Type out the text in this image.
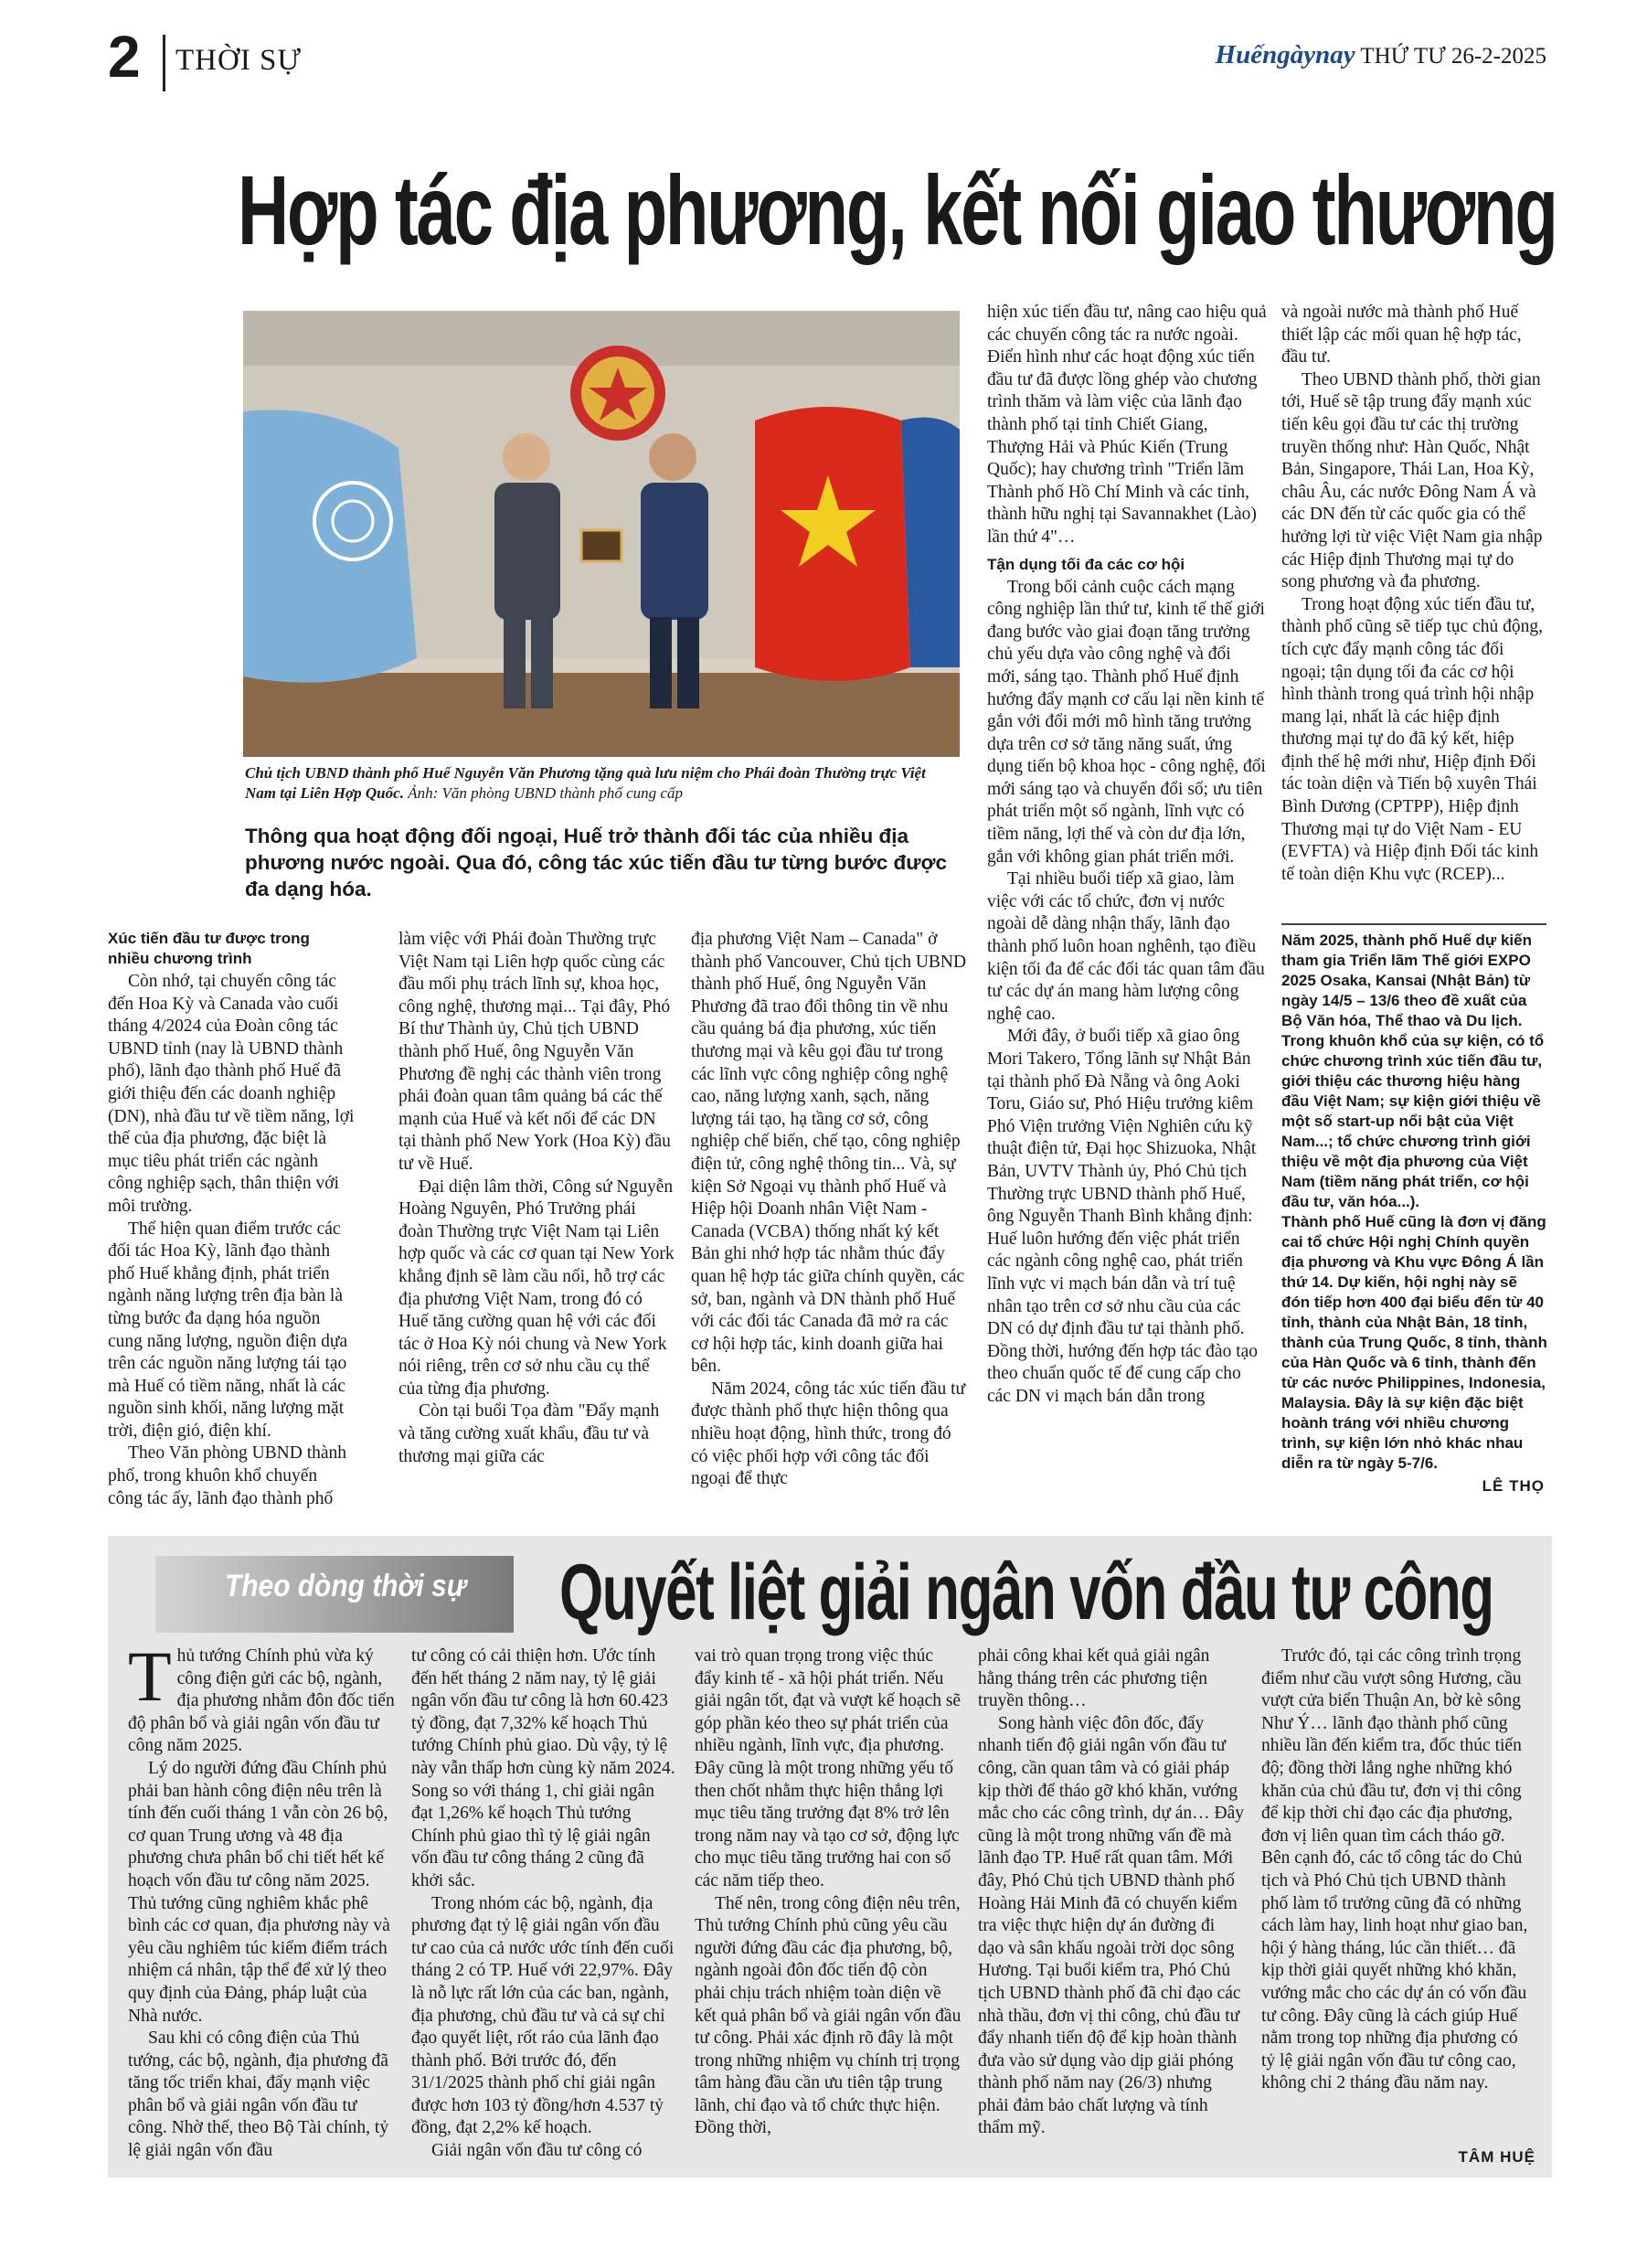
2 THỜI SỰ	Huếngàynay THỨ TƯ 26-2-2025
Hợp tác địa phương, kết nối giao thương
Chủ tịch UBND thành phố Huế Nguyễn Văn Phương tặng quà lưu niệm cho Phái đoàn Thường trực Việt Nam tại Liên Hợp Quốc. Ảnh: Văn phòng UBND thành phố cung cấp
Thông qua hoạt động đối ngoại, Huế trở thành đối tác của nhiều địa phương nước ngoài. Qua đó, công tác xúc tiến đầu tư từng bước được đa dạng hóa.
Xúc tiến đầu tư được trong nhiều chương trình

Còn nhớ, tại chuyến công tác đến Hoa Kỳ và Canada vào cuối tháng 4/2024 của Đoàn công tác UBND tỉnh (nay là UBND thành phố), lãnh đạo thành phố Huế đã giới thiệu đến các doanh nghiệp (DN), nhà đầu tư về tiềm năng, lợi thế của địa phương, đặc biệt là mục tiêu phát triển các ngành công nghiệp sạch, thân thiện với môi trường.

Thể hiện quan điểm trước các đối tác Hoa Kỳ, lãnh đạo thành phố Huế khẳng định, phát triển ngành năng lượng trên địa bàn là từng bước đa dạng hóa nguồn cung năng lượng, nguồn điện dựa trên các nguồn năng lượng tái tạo mà Huế có tiềm năng, nhất là các nguồn sinh khối, năng lượng mặt trời, điện gió, điện khí.

Theo Văn phòng UBND thành phố, trong khuôn khổ chuyến công tác ấy, lãnh đạo thành phố

làm việc với Phái đoàn Thường trực Việt Nam tại Liên hợp quốc cùng các đầu mối phụ trách lĩnh sự, khoa học, công nghệ, thương mại... Tại đây, Phó Bí thư Thành ủy, Chủ tịch UBND thành phố Huế, ông Nguyễn Văn Phương đề nghị các thành viên trong phái đoàn quan tâm quảng bá các thế mạnh của Huế và kết nối để các DN tại thành phố New York (Hoa Kỳ) đầu tư về Huế.

Đại diện lâm thời, Công sứ Nguyễn Hoàng Nguyên, Phó Trưởng phái đoàn Thường trực Việt Nam tại Liên hợp quốc và các cơ quan tại New York khẳng định sẽ làm cầu nối, hỗ trợ các địa phương Việt Nam, trong đó có Huế tăng cường quan hệ với các đối tác ở Hoa Kỳ nói chung và New York nói riêng, trên cơ sở nhu cầu cụ thể của từng địa phương.

Còn tại buổi Tọa đàm "Đẩy mạnh và tăng cường xuất khẩu, đầu tư và thương mại giữa các

địa phương Việt Nam – Canada" ở thành phố Vancouver, Chủ tịch UBND thành phố Huế, ông Nguyễn Văn Phương đã trao đổi thông tin về nhu cầu quảng bá địa phương, xúc tiến thương mại và kêu gọi đầu tư trong các lĩnh vực công nghiệp công nghệ cao, năng lượng xanh, sạch, năng lượng tái tạo, hạ tầng cơ sở, công nghiệp chế biến, chế tạo, công nghiệp điện tử, công nghệ thông tin... Và, sự kiện Sở Ngoại vụ thành phố Huế và Hiệp hội Doanh nhân Việt Nam - Canada (VCBA) thống nhất ký kết Bản ghi nhớ hợp tác nhằm thúc đẩy quan hệ hợp tác giữa chính quyền, các sở, ban, ngành và DN thành phố Huế với các đối tác Canada đã mở ra các cơ hội hợp tác, kinh doanh giữa hai bên.

Năm 2024, công tác xúc tiến đầu tư được thành phố thực hiện thông qua nhiều hoạt động, hình thức, trong đó có việc phối hợp với công tác đối ngoại để thực

hiện xúc tiến đầu tư, nâng cao hiệu quả các chuyến công tác ra nước ngoài. Điển hình như các hoạt động xúc tiến đầu tư đã được lồng ghép vào chương trình thăm và làm việc của lãnh đạo thành phố tại tỉnh Chiết Giang, Thượng Hải và Phúc Kiến (Trung Quốc); hay chương trình "Triển lãm Thành phố Hồ Chí Minh và các tỉnh, thành hữu nghị tại Savannakhet (Lào) lần thứ 4"…

Tận dụng tối đa các cơ hội

Trong bối cảnh cuộc cách mạng công nghiệp lần thứ tư, kinh tế thế giới đang bước vào giai đoạn tăng trưởng chủ yếu dựa vào công nghệ và đổi mới, sáng tạo. Thành phố Huế định hướng đẩy mạnh cơ cấu lại nền kinh tế gắn với đổi mới mô hình tăng trưởng dựa trên cơ sở tăng năng suất, ứng dụng tiến bộ khoa học - công nghệ, đổi mới sáng tạo và chuyển đổi số; ưu tiên phát triển một số ngành, lĩnh vực có tiềm năng, lợi thế và còn dư địa lớn, gắn với không gian phát triển mới.

Tại nhiều buổi tiếp xã giao, làm việc với các tổ chức, đơn vị nước ngoài dễ dàng nhận thấy, lãnh đạo thành phố luôn hoan nghênh, tạo điều kiện tối đa để các đối tác quan tâm đầu tư các dự án mang hàm lượng công nghệ cao.

Mới đây, ở buổi tiếp xã giao ông Mori Takero, Tổng lãnh sự Nhật Bản tại thành phố Đà Nẵng và ông Aoki Toru, Giáo sư, Phó Hiệu trưởng kiêm Phó Viện trưởng Viện Nghiên cứu kỹ thuật điện tử, Đại học Shizuoka, Nhật Bản, UVTV Thành ủy, Phó Chủ tịch Thường trực UBND thành phố Huế, ông Nguyễn Thanh Bình khẳng định: Huế luôn hướng đến việc phát triển các ngành công nghệ cao, phát triển lĩnh vực vi mạch bán dẫn và trí tuệ nhân tạo trên cơ sở nhu cầu của các DN có dự định đầu tư tại thành phố. Đồng thời, hướng đến hợp tác đào tạo theo chuẩn quốc tế để cung cấp cho các DN vi mạch bán dẫn trong

và ngoài nước mà thành phố Huế thiết lập các mối quan hệ hợp tác, đầu tư.

Theo UBND thành phố, thời gian tới, Huế sẽ tập trung đẩy mạnh xúc tiến kêu gọi đầu tư các thị trường truyền thống như: Hàn Quốc, Nhật Bản, Singapore, Thái Lan, Hoa Kỳ, châu Âu, các nước Đông Nam Á và các DN đến từ các quốc gia có thể hưởng lợi từ việc Việt Nam gia nhập các Hiệp định Thương mại tự do song phương và đa phương.

Trong hoạt động xúc tiến đầu tư, thành phố cũng sẽ tiếp tục chủ động, tích cực đẩy mạnh công tác đối ngoại; tận dụng tối đa các cơ hội hình thành trong quá trình hội nhập mang lại, nhất là các hiệp định thương mại tự do đã ký kết, hiệp định thế hệ mới như, Hiệp định Đối tác toàn diện và Tiến bộ xuyên Thái Bình Dương (CPTPP), Hiệp định Thương mại tự do Việt Nam - EU (EVFTA) và Hiệp định Đối tác kinh tế toàn diện Khu vực (RCEP)...

Năm 2025, thành phố Huế dự kiến tham gia Triển lãm Thế giới EXPO 2025 Osaka, Kansai (Nhật Bản) từ ngày 14/5 – 13/6 theo đề xuất của Bộ Văn hóa, Thể thao và Du lịch. Trong khuôn khổ của sự kiện, có tổ chức chương trình xúc tiến đầu tư, giới thiệu các thương hiệu hàng đầu Việt Nam; sự kiện giới thiệu về một số start-up nổi bật của Việt Nam...; tổ chức chương trình giới thiệu về một địa phương của Việt Nam (tiềm năng phát triển, cơ hội đầu tư, văn hóa...).
Thành phố Huế cũng là đơn vị đăng cai tổ chức Hội nghị Chính quyền địa phương và Khu vực Đông Á lần thứ 14. Dự kiến, hội nghị này sẽ đón tiếp hơn 400 đại biểu đến từ 40 tỉnh, thành của Nhật Bản, 18 tỉnh, thành của Trung Quốc, 8 tỉnh, thành của Hàn Quốc và 6 tỉnh, thành đến từ các nước Philippines, Indonesia, Malaysia. Đây là sự kiện đặc biệt hoành tráng với nhiều chương trình, sự kiện lớn nhỏ khác nhau diễn ra từ ngày 5-7/6.
LÊ THỌ
Theo dòng thời sự Quyết liệt giải ngân vốn đầu tư công

Thủ tướng Chính phủ vừa ký công điện gửi các bộ, ngành, địa phương nhằm đôn đốc tiến độ phân bổ và giải ngân vốn đầu tư công năm 2025.

Lý do người đứng đầu Chính phủ phải ban hành công điện nêu trên là tính đến cuối tháng 1 vẫn còn 26 bộ, cơ quan Trung ương và 48 địa phương chưa phân bổ chi tiết hết kế hoạch vốn đầu tư công năm 2025. Thủ tướng cũng nghiêm khắc phê bình các cơ quan, địa phương này và yêu cầu nghiêm túc kiểm điểm trách nhiệm cá nhân, tập thể để xử lý theo quy định của Đảng, pháp luật của Nhà nước.

Sau khi có công điện của Thủ tướng, các bộ, ngành, địa phương đã tăng tốc triển khai, đẩy mạnh việc phân bổ và giải ngân vốn đầu tư công. Nhờ thế, theo Bộ Tài chính, tỷ lệ giải ngân vốn đầu

tư công có cải thiện hơn. Ước tính đến hết tháng 2 năm nay, tỷ lệ giải ngân vốn đầu tư công là hơn 60.423 tỷ đồng, đạt 7,32% kế hoạch Thủ tướng Chính phủ giao. Dù vậy, tỷ lệ này vẫn thấp hơn cùng kỳ năm 2024. Song so với tháng 1, chỉ giải ngân đạt 1,26% kế hoạch Thủ tướng Chính phủ giao thì tỷ lệ giải ngân vốn đầu tư công tháng 2 cũng đã khởi sắc.

Trong nhóm các bộ, ngành, địa phương đạt tỷ lệ giải ngân vốn đầu tư cao của cả nước ước tính đến cuối tháng 2 có TP. Huế với 22,97%. Đây là nỗ lực rất lớn của các ban, ngành, địa phương, chủ đầu tư và cả sự chỉ đạo quyết liệt, rốt ráo của lãnh đạo thành phố. Bởi trước đó, đến 31/1/2025 thành phố chỉ giải ngân được hơn 103 tỷ đồng/hơn 4.537 tỷ đồng, đạt 2,2% kế hoạch.

Giải ngân vốn đầu tư công có

vai trò quan trọng trong việc thúc đẩy kinh tế - xã hội phát triển. Nếu giải ngân tốt, đạt và vượt kế hoạch sẽ góp phần kéo theo sự phát triển của nhiều ngành, lĩnh vực, địa phương. Đây cũng là một trong những yếu tố then chốt nhằm thực hiện thắng lợi mục tiêu tăng trưởng đạt 8% trở lên trong năm nay và tạo cơ sở, động lực cho mục tiêu tăng trưởng hai con số các năm tiếp theo.

Thế nên, trong công điện nêu trên, Thủ tướng Chính phủ cũng yêu cầu người đứng đầu các địa phương, bộ, ngành ngoài đôn đốc tiến độ còn phải chịu trách nhiệm toàn diện về kết quả phân bổ và giải ngân vốn đầu tư công. Phải xác định rõ đây là một trong những nhiệm vụ chính trị trọng tâm hàng đầu cần ưu tiên tập trung lãnh, chỉ đạo và tổ chức thực hiện. Đồng thời,

phải công khai kết quả giải ngân hằng tháng trên các phương tiện truyền thông…

Song hành việc đôn đốc, đẩy nhanh tiến độ giải ngân vốn đầu tư công, cần quan tâm và có giải pháp kịp thời để tháo gỡ khó khăn, vướng mắc cho các công trình, dự án… Đây cũng là một trong những vấn đề mà lãnh đạo TP. Huế rất quan tâm. Mới đây, Phó Chủ tịch UBND thành phố Hoàng Hải Minh đã có chuyến kiểm tra việc thực hiện dự án đường đi dạo và sân khấu ngoài trời dọc sông Hương. Tại buổi kiểm tra, Phó Chủ tịch UBND thành phố đã chỉ đạo các nhà thầu, đơn vị thi công, chủ đầu tư đẩy nhanh tiến độ để kịp hoàn thành đưa vào sử dụng vào dịp giải phóng thành phố năm nay (26/3) nhưng phải đảm bảo chất lượng và tính thẩm mỹ.

Trước đó, tại các công trình trọng điểm như cầu vượt sông Hương, cầu vượt cửa biển Thuận An, bờ kè sông Như Ý… lãnh đạo thành phố cũng nhiều lần đến kiểm tra, đốc thúc tiến độ; đồng thời lắng nghe những khó khăn của chủ đầu tư, đơn vị thi công để kịp thời chỉ đạo các địa phương, đơn vị liên quan tìm cách tháo gỡ. Bên cạnh đó, các tổ công tác do Chủ tịch và Phó Chủ tịch UBND thành phố làm tổ trưởng cũng đã có những cách làm hay, linh hoạt như giao ban, hội ý hàng tháng, lúc cần thiết… đã kịp thời giải quyết những khó khăn, vướng mắc cho các dự án có vốn đầu tư công. Đây cũng là cách giúp Huế nằm trong top những địa phương có tỷ lệ giải ngân vốn đầu tư công cao, không chỉ 2 tháng đầu năm nay.

TÂM HUỆ
